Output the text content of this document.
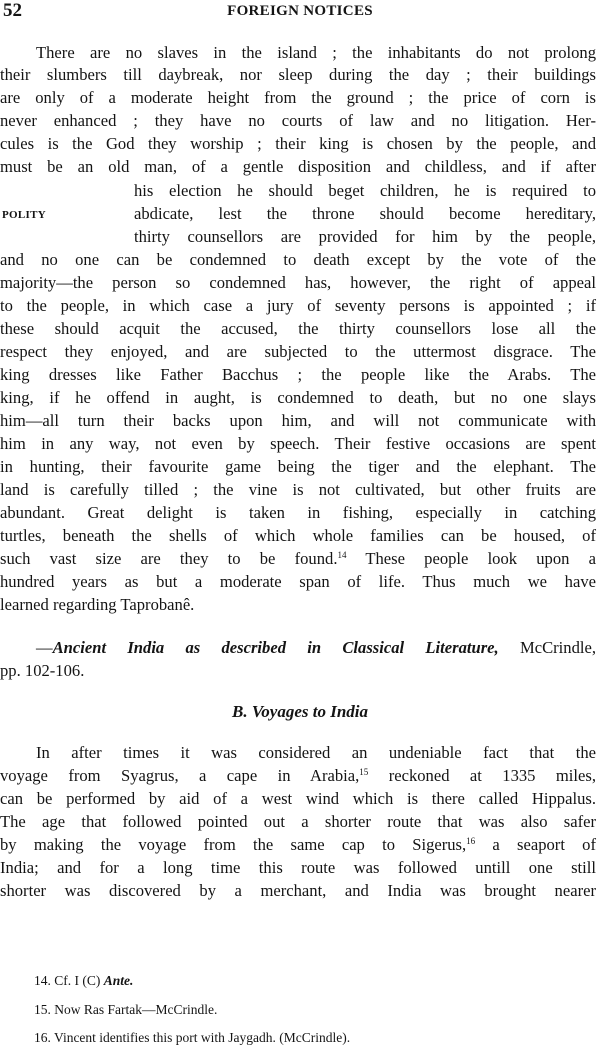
52	FOREIGN NOTICES
POLITY
There are no slaves in the island ; the inhabitants do not prolong
their slumbers till daybreak, nor sleep during the day ; their buildings
are only of a moderate height from the ground ; the price of corn is
never enhanced ; they have no courts of law and no litigation. Her-
cules is the God they worship ; their king is chosen by the people, and
must be an old man, of a gentle disposition and childless, and if after
his election he should beget children, he is required to
abdicate, lest the throne should become hereditary,
thirty counsellors are provided for him by the people,
and no one can be condemned to death except by the vote of the
majority—the person so condemned has, however, the right of appeal
to the people, in which case a jury of seventy persons is appointed ; if
these should acquit the accused, the thirty counsellors lose all the
respect they enjoyed, and are subjected to the uttermost disgrace. The
king dresses like Father Bacchus ; the people like the Arabs. The
king, if he offend in aught, is condemned to death, but no one slays
him—all turn their backs upon him, and will not communicate with
him in any way, not even by speech. Their festive occasions are spent
in hunting, their favourite game being the tiger and the elephant. The
land is carefully tilled ; the vine is not cultivated, but other fruits are
abundant. Great delight is taken in fishing, especially in catching
turtles, beneath the shells of which whole families can be housed, of
such vast size are they to be found.$^{14}$ These people look upon a
hundred years as but a moderate span of life. Thus much we have
learned regarding Taprobanê.
—Ancient India as described in Classical Literature, McCrindle,
pp. 102-106.
B. Voyages to India
In after times it was considered an undeniable fact that the
voyage from Syagrus, a cape in Arabia,$^{15}$ reckoned at 1335 miles,
can be performed by aid of a west wind which is there called Hippalus.
The age that followed pointed out a shorter route that was also safer
by making the voyage from the same cap to Sigerus,$^{16}$ a seaport of
India; and for a long time this route was followed untill one still
shorter was discovered by a merchant, and India was brought nearer
14. Cf. I (C) Ante.
15. Now Ras Fartak—McCrindle.
16. Vincent identifies this port with Jaygadh. (McCrindle).
